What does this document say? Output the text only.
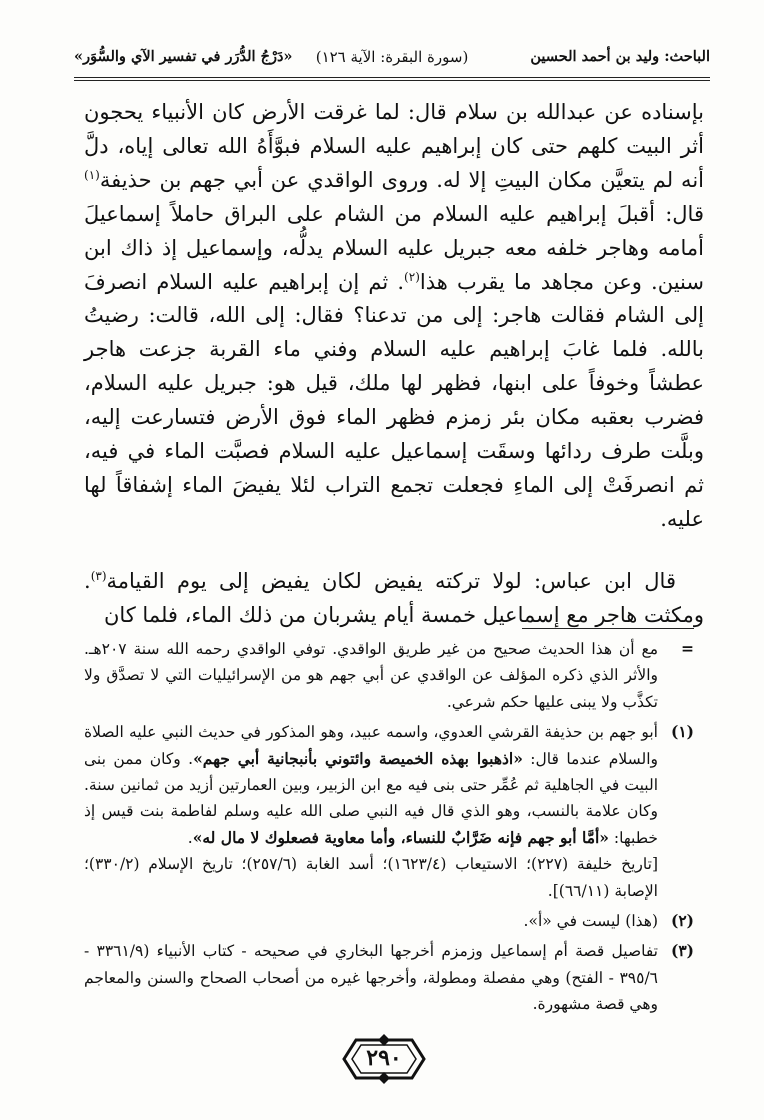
الباحث: وليد بن أحمد الحسين
(سورة البقرة: الآية ١٢٦)
«دَرْجُ الدُّرَر في تفسير الآي والسُّوَر»

بإسناده عن عبدالله بن سلام قال: لما غرقت الأرض كان الأنبياء يحجون أثر البيت كلهم حتى كان إبراهيم عليه السلام فبوَّأَهُ الله تعالى إياه، دلَّ أنه لم يتعيَّن مكان البيتِ إلا له. وروى الواقدي عن أبي جهم بن حذيفة$^{(١)}$ قال: أقبلَ إبراهيم عليه السلام من الشام على البراق حاملاً إسماعيلَ أمامه وهاجر خلفه معه جبريل عليه السلام يدلُّه، وإسماعيل إذ ذاك ابن سنين. وعن مجاهد ما يقرب هذا$^{(٢)}$. ثم إن إبراهيم عليه السلام انصرفَ إلى الشام فقالت هاجر: إلى من تدعنا؟ فقال: إلى الله، قالت: رضيتُ بالله. فلما غابَ إبراهيم عليه السلام وفني ماء القربة جزعت هاجر عطشاً وخوفاً على ابنها، فظهر لها ملك، قيل هو: جبريل عليه السلام، فضرب بعقبه مكان بئر زمزم فظهر الماء فوق الأرض فتسارعت إليه، وبلَّت طرف ردائها وسقَت إسماعيل عليه السلام فصبَّت الماء في فيه، ثم انصرفَتْ إلى الماءِ فجعلت تجمع التراب لئلا يفيضَ الماء إشفاقاً لها عليه.

قال ابن عباس: لولا تركته يفيض لكان يفيض إلى يوم القيامة$^{(٣)}$. ومكثت هاجر مع إسماعيل خمسة أيام يشربان من ذلك الماء، فلما كان

=
مع أن هذا الحديث صحيح من غير طريق الواقدي. توفي الواقدي رحمه الله سنة ٢٠٧هـ. والأثر الذي ذكره المؤلف عن الواقدي عن أبي جهم هو من الإسرائيليات التي لا تصدَّق ولا تكذَّب ولا يبنى عليها حكم شرعي.
(١)

أبو جهم بن حذيفة القرشي العدوي، واسمه عبيد، وهو المذكور في حديث النبي عليه الصلاة والسلام عندما قال: «اذهبوا بهذه الخميصة وائتوني بأنبجانية أبي جهم». وكان ممن بنى البيت في الجاهلية ثم عُمِّر حتى بنى فيه مع ابن الزبير، وبين العمارتين أزيد من ثمانين سنة. وكان علامة بالنسب، وهو الذي قال فيه النبي صلى الله عليه وسلم لفاطمة بنت قيس إذ خطبها: «أمَّا أبو جهم فإنه ضَرَّابٌ للنساء، وأما معاوية فصعلوك لا مال له».

[تاريخ خليفة (٢٢٧)؛ الاستيعاب (١٦٢٣/٤)؛ أسد الغابة (٢٥٧/٦)؛ تاريخ الإسلام (٣٣٠/٢)؛ الإصابة (٦٦/١١)].

(٢)
(هذا) ليست في «أ».
(٣)
تفاصيل قصة أم إسماعيل وزمزم أخرجها البخاري في صحيحه - كتاب الأنبياء (٣٣٦١/٩ - ٣٩٥/٦ - الفتح) وهي مفصلة ومطولة، وأخرجها غيره من أصحاب الصحاح والسنن والمعاجم وهي قصة مشهورة.
٢٩٠
